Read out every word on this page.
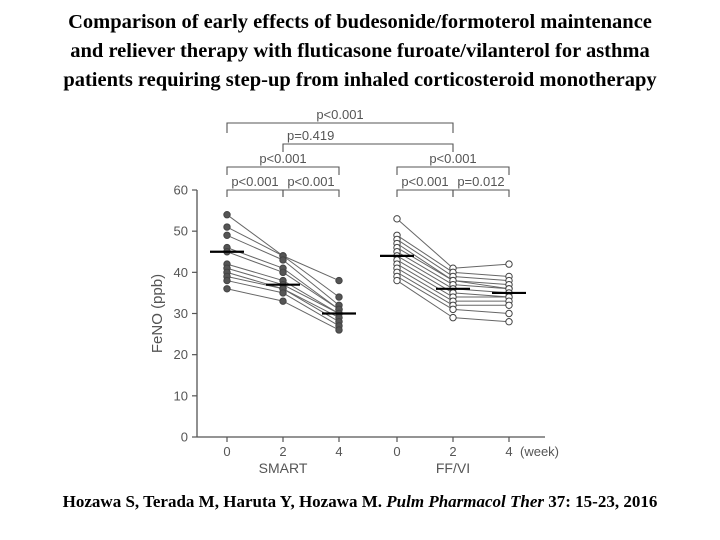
Comparison of early effects of budesonide/formoterol maintenance
and reliever therapy with fluticasone furoate/vilanterol for asthma
patients requiring step-up from inhaled corticosteroid monotherapy
0
10
20
30
40
50
60
FeNO (ppb)
0	2	4	0	2	4 (week)
SMART	FF/VI
p<0.001
p=0.419
p<0.001	p<0.001
p<0.001 p<0.001	p<0.001 p=0.012
Hozawa S, Terada M, Haruta Y, Hozawa M. Pulm Pharmacol Ther 37: 15-23, 2016
